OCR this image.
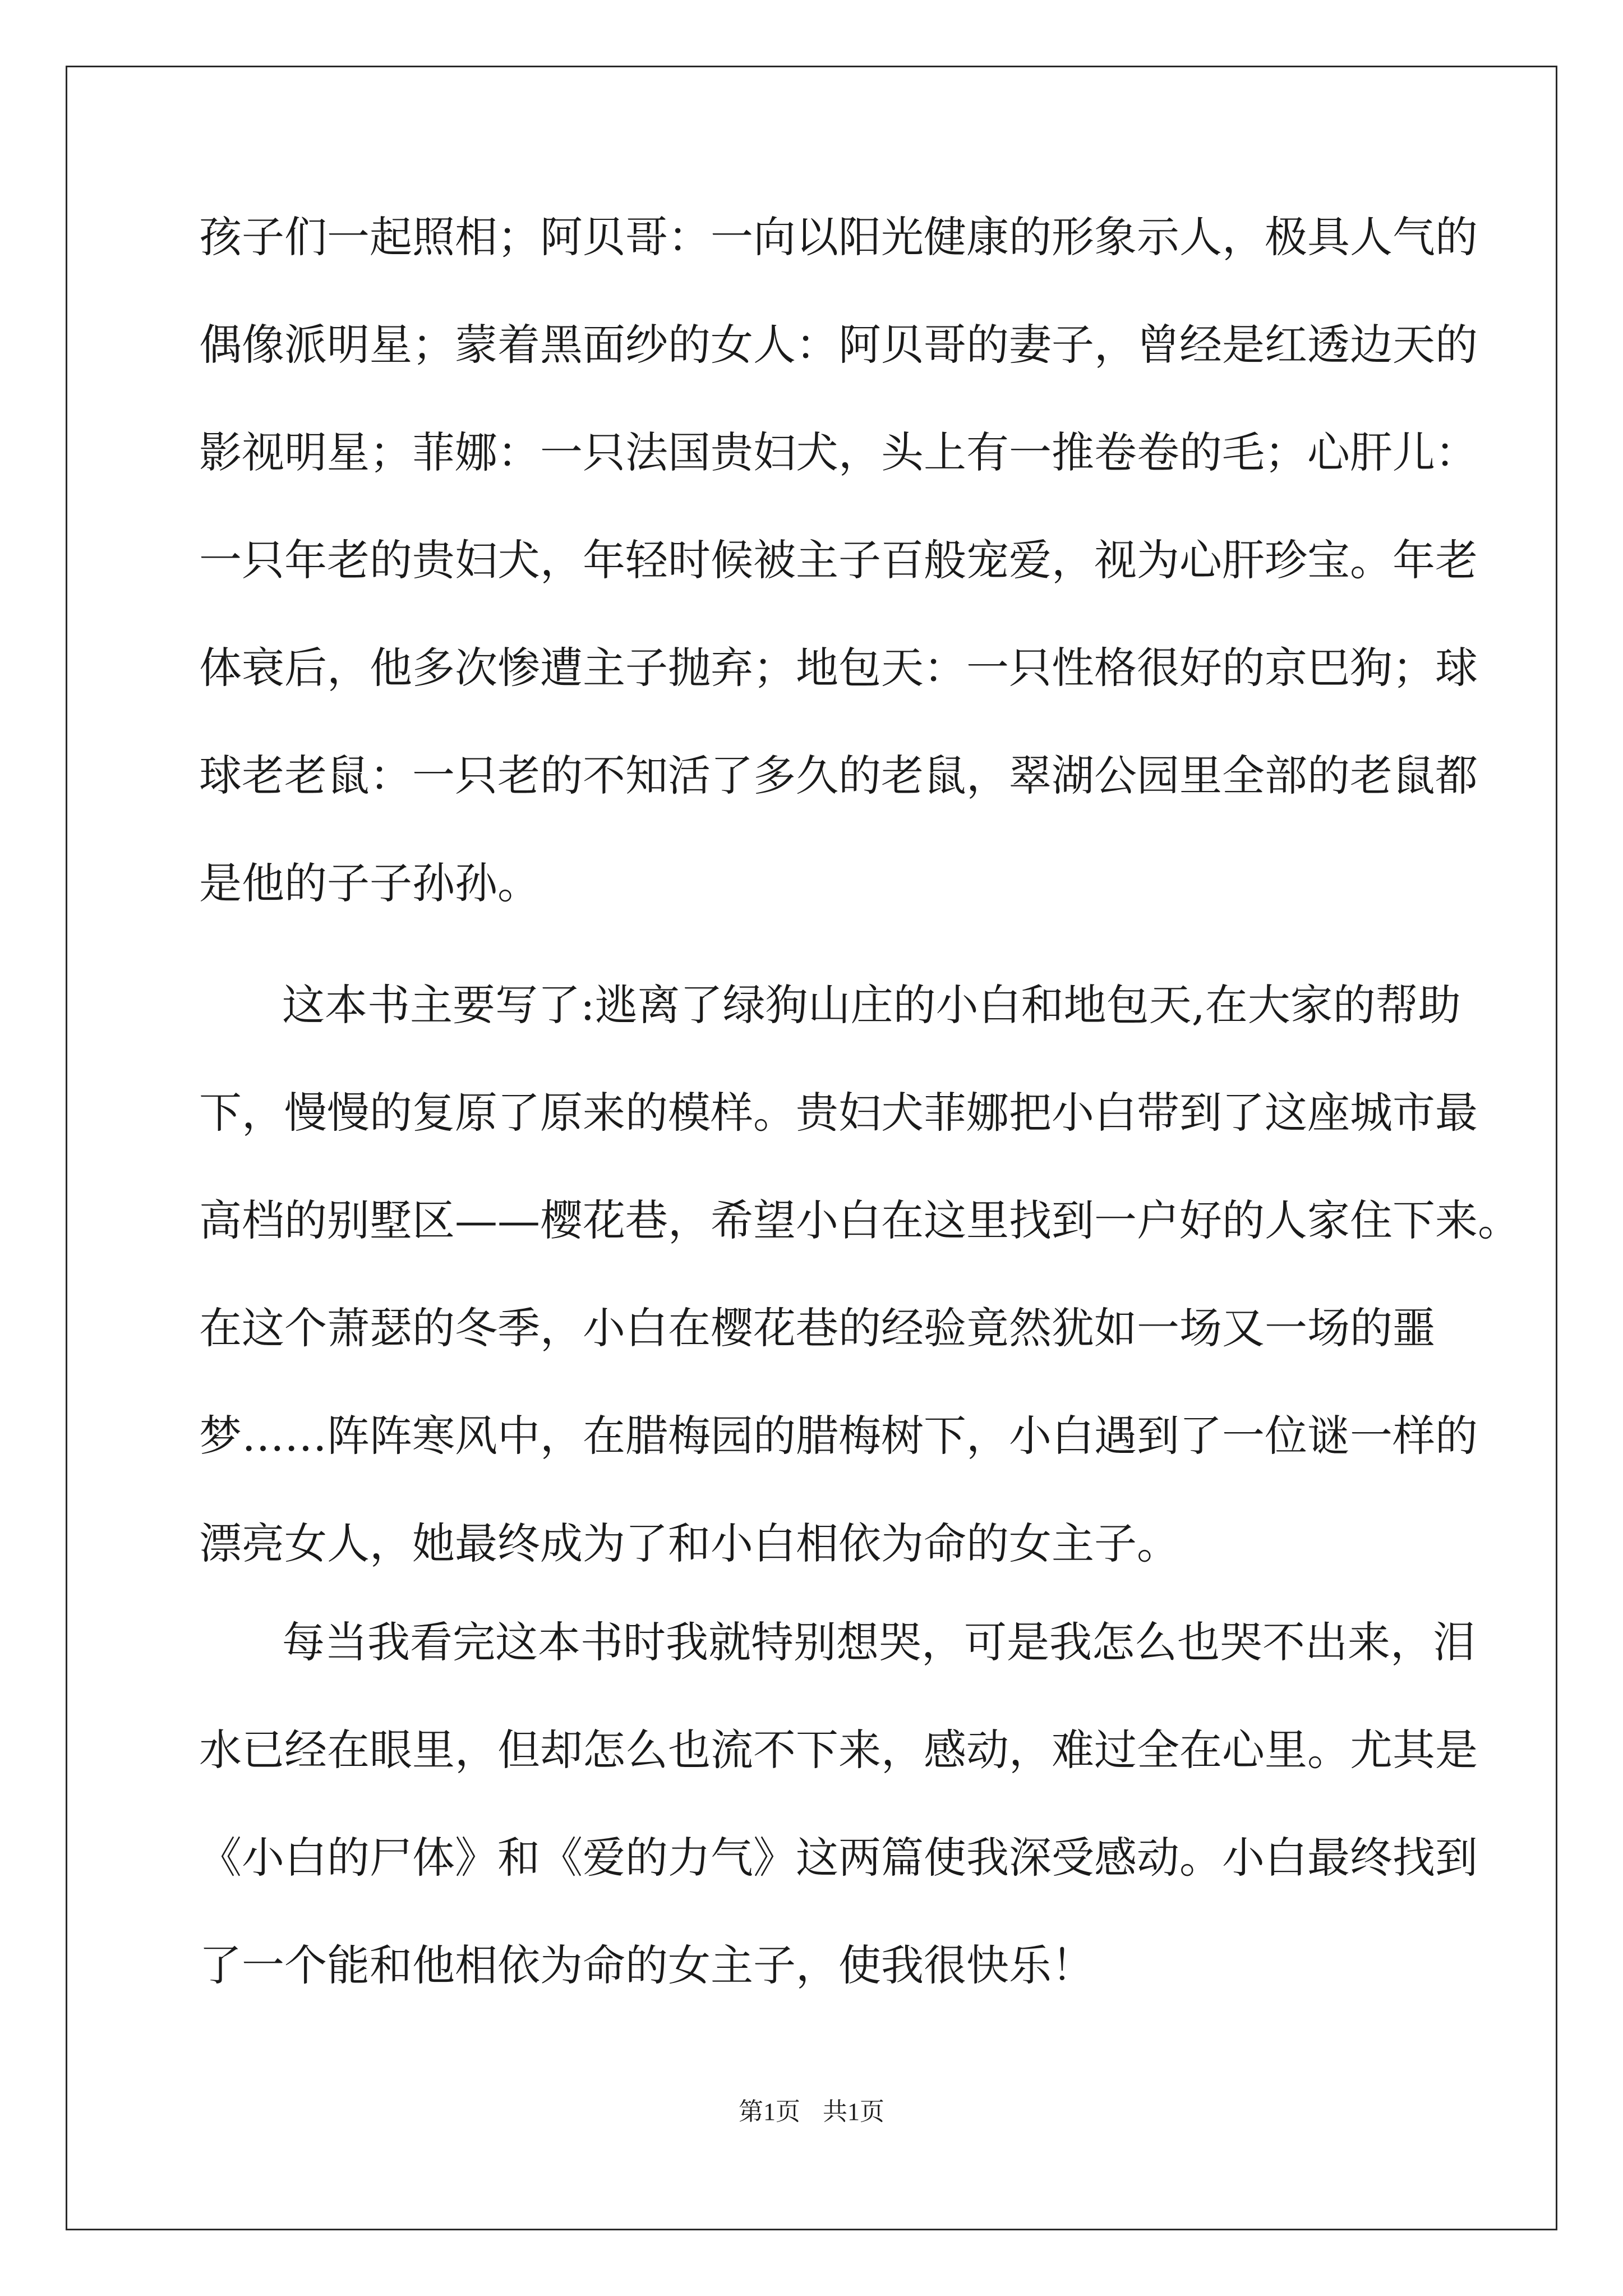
孩子们一起照相；阿贝哥：一向以阳光健康的形象示人，极具人气的
偶像派明星；蒙着黑面纱的女人：阿贝哥的妻子，曾经是红透边天的
影视明星；菲娜：一只法国贵妇犬，头上有一推卷卷的毛；心肝儿：
一只年老的贵妇犬，年轻时候被主子百般宠爱，视为心肝珍宝。年老
体衰后，他多次惨遭主子抛弃；地包天：一只性格很好的京巴狗；球
球老老鼠：一只老的不知活了多久的老鼠，翠湖公园里全部的老鼠都
是他的子子孙孙。
这本书主要写了:逃离了绿狗山庄的小白和地包天,在大家的帮助
下，慢慢的复原了原来的模样。贵妇犬菲娜把小白带到了这座城市最
高档的别墅区——樱花巷，希望小白在这里找到一户好的人家住下来。
在这个萧瑟的冬季，小白在樱花巷的经验竟然犹如一场又一场的噩
梦……阵阵寒风中，在腊梅园的腊梅树下，小白遇到了一位谜一样的
漂亮女人，她最终成为了和小白相依为命的女主子。
每当我看完这本书时我就特别想哭，可是我怎么也哭不出来，泪
水已经在眼里，但却怎么也流不下来，感动，难过全在心里。尤其是
《小白的尸体》和《爱的力气》这两篇使我深受感动。小白最终找到
了一个能和他相依为命的女主子，使我很快乐！
第1页 共1页
